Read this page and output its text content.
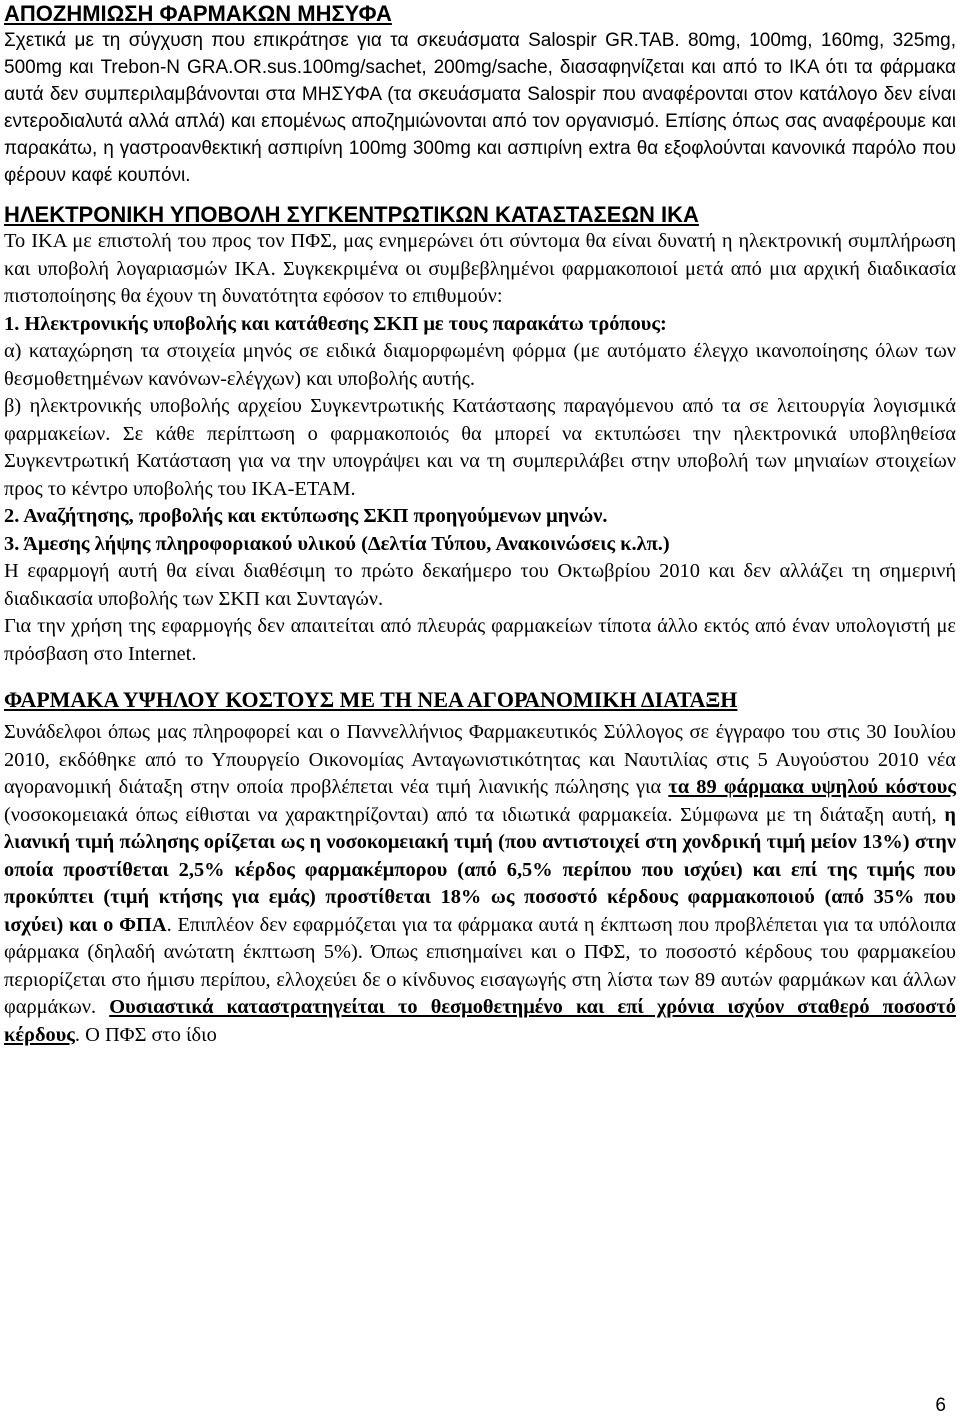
ΑΠΟΖΗΜΙΩΣΗ ΦΑΡΜΑΚΩΝ ΜΗΣΥΦΑ

Σχετικά με τη σύγχυση που επικράτησε για τα σκευάσματα Salospir GR.TAB. 80mg, 100mg, 160mg, 325mg, 500mg και Trebon-N GRA.OR.sus.100mg/sachet, 200mg/sache, διασαφηνίζεται και από το ΙΚΑ ότι τα φάρμακα αυτά δεν συμπεριλαμβάνονται στα ΜΗΣΥΦΑ (τα σκευάσματα Salospir που αναφέρονται στον κατάλογο δεν είναι εντεροδιαλυτά αλλά απλά) και επομένως αποζημιώνονται από τον οργανισμό. Επίσης όπως σας αναφέρουμε και παρακάτω, η γαστροανθεκτική ασπιρίνη 100mg 300mg και ασπιρίνη extra θα εξοφλούνται κανονικά παρόλο που φέρουν καφέ κουπόνι.

ΗΛΕΚΤΡΟΝΙΚΗ ΥΠΟΒΟΛΗ ΣΥΓΚΕΝΤΡΩΤΙΚΩΝ ΚΑΤΑΣΤΑΣΕΩΝ ΙΚΑ

Το ΙΚΑ με επιστολή του προς τον ΠΦΣ, μας ενημερώνει ότι σύντομα θα είναι δυνατή η ηλεκτρονική συμπλήρωση και υποβολή λογαριασμών ΙΚΑ. Συγκεκριμένα οι συμβεβλημένοι φαρμακοποιοί μετά από μια αρχική διαδικασία πιστοποίησης θα έχουν τη δυνατότητα εφόσον το επιθυμούν:

1. Ηλεκτρονικής υποβολής και κατάθεσης ΣΚΠ με τους παρακάτω τρόπους:

α) καταχώρηση τα στοιχεία μηνός σε ειδικά διαμορφωμένη φόρμα (με αυτόματο έλεγχο ικανοποίησης όλων των θεσμοθετημένων κανόνων-ελέγχων) και υποβολής αυτής.

β) ηλεκτρονικής υποβολής αρχείου Συγκεντρωτικής Κατάστασης παραγόμενου από τα σε λειτουργία λογισμικά φαρμακείων. Σε κάθε περίπτωση ο φαρμακοποιός θα μπορεί να εκτυπώσει την ηλεκτρονικά υποβληθείσα Συγκεντρωτική Κατάσταση για να την υπογράψει και να τη συμπεριλάβει στην υποβολή των μηνιαίων στοιχείων προς το κέντρο υποβολής του ΙΚΑ-ΕΤΑΜ.

2. Αναζήτησης, προβολής και εκτύπωσης ΣΚΠ προηγούμενων μηνών.

3. Άμεσης λήψης πληροφοριακού υλικού (Δελτία Τύπου, Ανακοινώσεις κ.λπ.)

Η εφαρμογή αυτή θα είναι διαθέσιμη το πρώτο δεκαήμερο του Οκτωβρίου 2010 και δεν αλλάζει τη σημερινή διαδικασία υποβολής των ΣΚΠ και Συνταγών.

Για την χρήση της εφαρμογής δεν απαιτείται από πλευράς φαρμακείων τίποτα άλλο εκτός από έναν υπολογιστή με πρόσβαση στο Internet.

ΦΑΡΜΑΚΑ ΥΨΗΛΟΥ ΚΟΣΤΟΥΣ ΜΕ ΤΗ ΝΕΑ ΑΓΟΡΑΝΟΜΙΚΗ ΔΙΑΤΑΞΗ

Συνάδελφοι όπως μας πληροφορεί και ο Παννελλήνιος Φαρμακευτικός Σύλλογος σε έγγραφο του στις 30 Ιουλίου 2010, εκδόθηκε από το Υπουργείο Οικονομίας Ανταγωνιστικότητας και Ναυτιλίας στις 5 Αυγούστου 2010 νέα αγορανομική διάταξη στην οποία προβλέπεται νέα τιμή λιανικής πώλησης για τα 89 φάρμακα υψηλού κόστους (νοσοκομειακά όπως είθισται να χαρακτηρίζονται) από τα ιδιωτικά φαρμακεία. Σύμφωνα με τη διάταξη αυτή, η λιανική τιμή πώλησης ορίζεται ως η νοσοκομειακή τιμή (που αντιστοιχεί στη χονδρική τιμή μείον 13%) στην οποία προστίθεται 2,5% κέρδος φαρμακέμπορου (από 6,5% περίπου που ισχύει) και επί της τιμής που προκύπτει (τιμή κτήσης για εμάς) προστίθεται 18% ως ποσοστό κέρδους φαρμακοποιού (από 35% που ισχύει) και ο ΦΠΑ. Επιπλέον δεν εφαρμόζεται για τα φάρμακα αυτά η έκπτωση που προβλέπεται για τα υπόλοιπα φάρμακα (δηλαδή ανώτατη έκπτωση 5%). Όπως επισημαίνει και ο ΠΦΣ, το ποσοστό κέρδους του φαρμακείου περιορίζεται στο ήμισυ περίπου, ελλοχεύει δε ο κίνδυνος εισαγωγής στη λίστα των 89 αυτών φαρμάκων και άλλων φαρμάκων. Ουσιαστικά καταστρατηγείται το θεσμοθετημένο και επί χρόνια ισχύον σταθερό ποσοστό κέρδους. Ο ΠΦΣ στο ίδιο

6
